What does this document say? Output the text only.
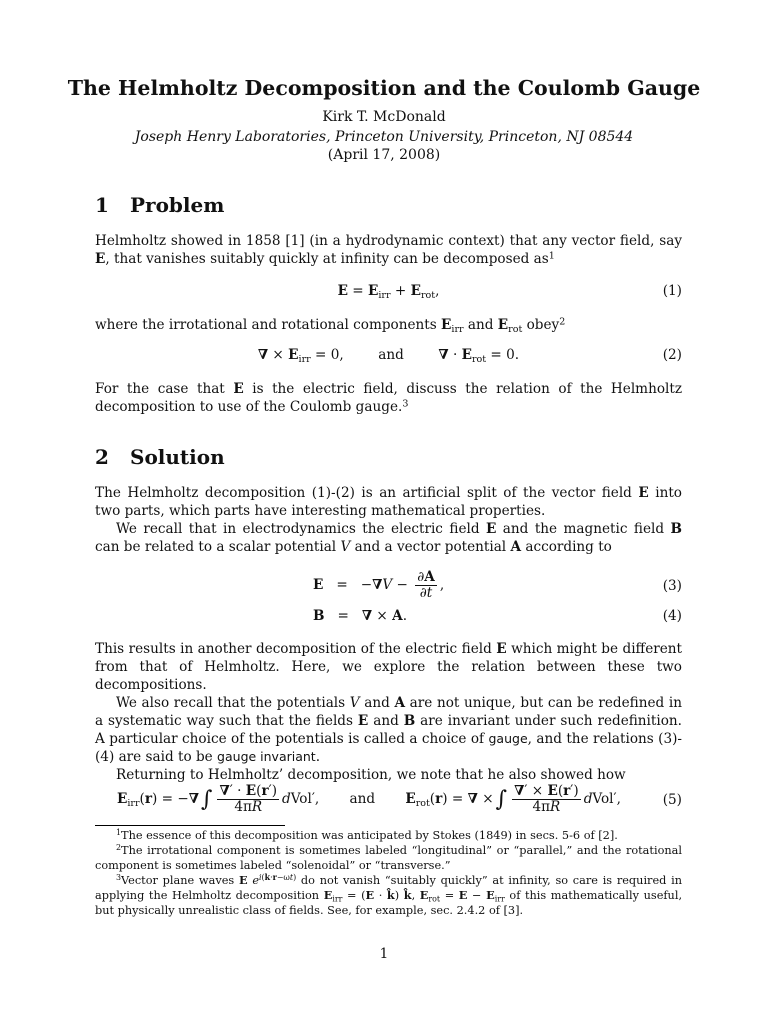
The Helmholtz Decomposition and the Coulomb Gauge
Kirk T. McDonald
Joseph Henry Laboratories, Princeton University, Princeton, NJ 08544
(April 17, 2008)
1 Problem

Helmholtz showed in 1858 [1] (in a hydrodynamic context) that any vector field, say E, that vanishes suitably quickly at infinity can be decomposed $as^1$

$E = E_{irr} + E_{rot}$,	(1)

where the irrotational and rotational components $E_{irr}$ and $E_{rot}$ obey$^2$

∇ × $E_{irr} = 0$,        and	∇ · $E_{rot} = 0$.	(2)

For the case that E is the electric field, discuss the relation of the Helmholtz decomposition to use of the Coulomb gauge.$^3$

2 Solution

The Helmholtz decomposition (1)-(2) is an artificial split of the vector field E into two parts, which parts have interesting mathematical properties.

We recall that in electrodynamics the electric field E and the magnetic field B can be related to a scalar potential V and a vector potential A according to

$E = -\nabla V - \frac{\partial A}{\partial t}$ ,	(3)
B   =   ∇ × A.	(4)

This results in another decomposition of the electric field E which might be different from that of Helmholtz. Here, we explore the relation between these two decompositions.

We also recall that the potentials V and A are not unique, but can be redefined in a systematic way such that the fields E and B are invariant under such redefinition. A particular choice of the potentials is called a choice of gauge, and the relations (3)-(4) are said to be gauge invariant.

Returning to Helmholtz’ decomposition, we note that he also showed how

$E_{irr}(r)$ = −∇∫ $\frac{\nabla' \cdot E(r')}{4\pi R}$ dVol′,       and $E_{rot}(r)$ = ∇ ×∫ $\frac{\nabla' \times E(r')}{4\pi R}$ dVol′,	(5)

$^1$The essence of this decomposition was anticipated by Stokes (1849) in secs. 5-6 of [2].

$^2$The irrotational component is sometimes labeled “longitudinal” or “parallel,” and the rotational component is sometimes labeled “solenoidal” or “transverse.”

$^3$Vector plane waves E $e^{i(k\cdot r-\omega t)}$ do not vanish “suitably quickly” at infinity, so care is required in applying the Helmholtz decomposition $E_{irr} = (E$ · k̂) k̂, $E_{rot} = E - E_{irr}$ of this mathematically useful, but physically unrealistic class of fields. See, for example, sec. 2.4.2 of [3].

1
